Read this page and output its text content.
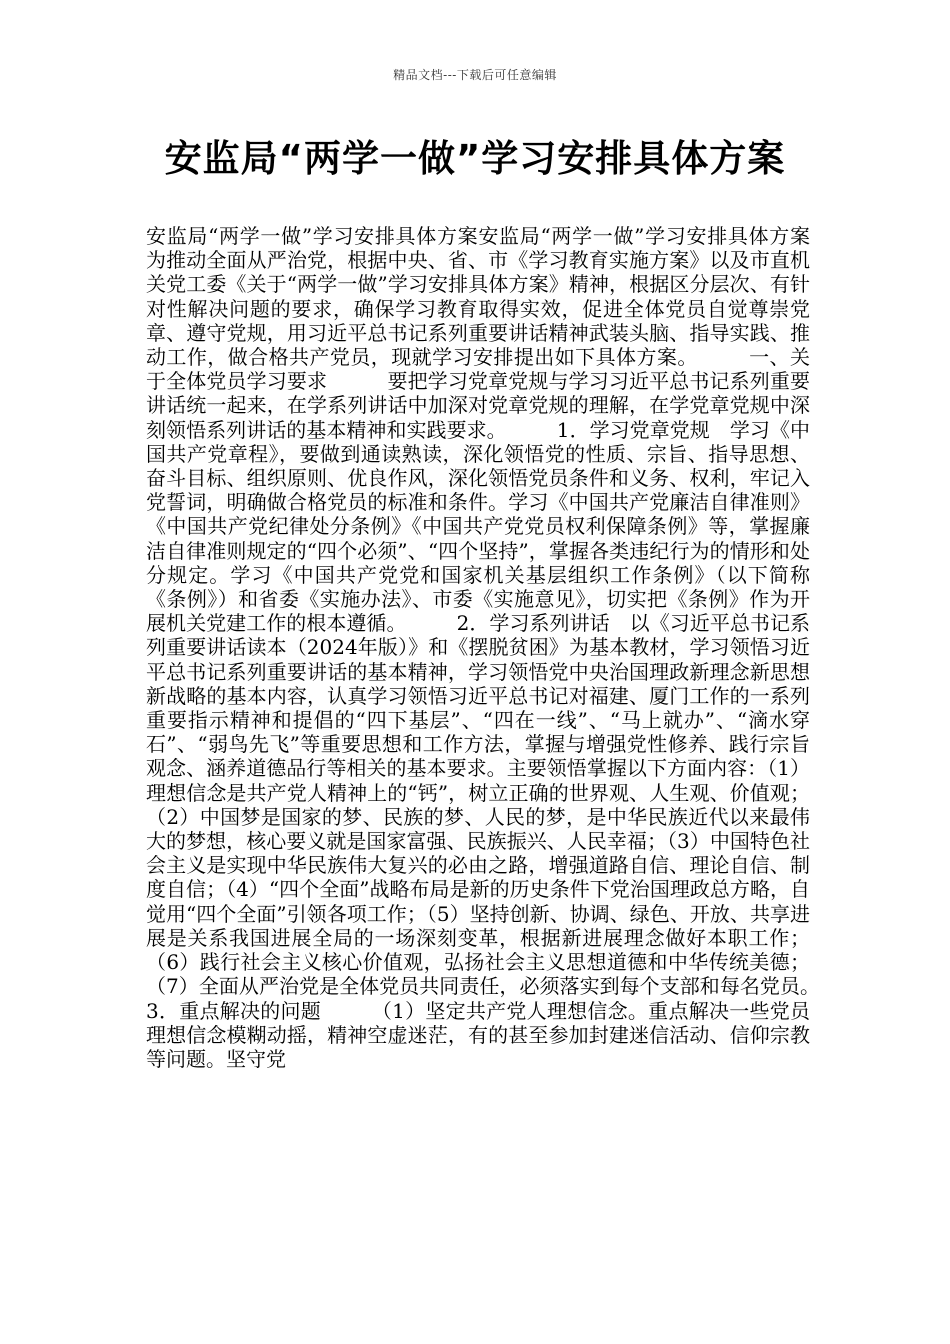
精品文档---下载后可任意编辑
安监局“两学一做”学习安排具体方案

安监局“两学一做”学习安排具体方案安监局“两学一做”学习安排具体方案　　　　为推动全面从严治党，根据中央、省、市《学习教育实施方案》以及市直机关党工委《关于“两学一做”学习安排具体方案》精神，根据区分层次、有针对性解决问题的要求，确保学习教育取得实效，促进全体党员自觉尊崇党章、遵守党规，用习近平总书记系列重要讲话精神武装头脑、指导实践、推动工作，做合格共产党员，现就学习安排提出如下具体方案。　　　一、关于全体党员学习要求　　　要把学习党章党规与学习习近平总书记系列重要讲话统一起来，在学系列讲话中加深对党章党规的理解，在学党章党规中深刻领悟系列讲话的基本精神和实践要求。　　　1．学习党章党规　学习《中国共产党章程》，要做到通读熟读，深化领悟党的性质、宗旨、指导思想、奋斗目标、组织原则、优良作风，深化领悟党员条件和义务、权利，牢记入党誓词，明确做合格党员的标准和条件。学习《中国共产党廉洁自律准则》《中国共产党纪律处分条例》《中国共产党党员权利保障条例》等，掌握廉洁自律准则规定的“四个必须”、“四个坚持”，掌握各类违纪行为的情形和处分规定。学习《中国共产党党和国家机关基层组织工作条例》（以下简称《条例》）和省委《实施办法》、市委《实施意见》，切实把《条例》作为开展机关党建工作的根本遵循。　　　2．学习系列讲话　以《习近平总书记系列重要讲话读本（2024年版）》和《摆脱贫困》为基本教材，学习领悟习近平总书记系列重要讲话的基本精神，学习领悟党中央治国理政新理念新思想新战略的基本内容，认真学习领悟习近平总书记对福建、厦门工作的一系列重要指示精神和提倡的“四下基层”、“四在一线”、“马上就办”、“滴水穿石”、“弱鸟先飞”等重要思想和工作方法，掌握与增强党性修养、践行宗旨观念、涵养道德品行等相关的基本要求。主要领悟掌握以下方面内容：（1）理想信念是共产党人精神上的“钙”，树立正确的世界观、人生观、价值观；（2）中国梦是国家的梦、民族的梦、人民的梦，是中华民族近代以来最伟大的梦想，核心要义就是国家富强、民族振兴、人民幸福；（3）中国特色社会主义是实现中华民族伟大复兴的必由之路，增强道路自信、理论自信、制度自信；（4）“四个全面”战略布局是新的历史条件下党治国理政总方略，自觉用“四个全面”引领各项工作；（5）坚持创新、协调、绿色、开放、共享进展是关系我国进展全局的一场深刻变革，根据新进展理念做好本职工作；（6）践行社会主义核心价值观，弘扬社会主义思想道德和中华传统美德；（7）全面从严治党是全体党员共同责任，必须落实到每个支部和每名党员。　　　3．重点解决的问题　　　（1）坚定共产党人理想信念。重点解决一些党员理想信念模糊动摇，精神空虚迷茫，有的甚至参加封建迷信活动、信仰宗教等问题。坚守党
